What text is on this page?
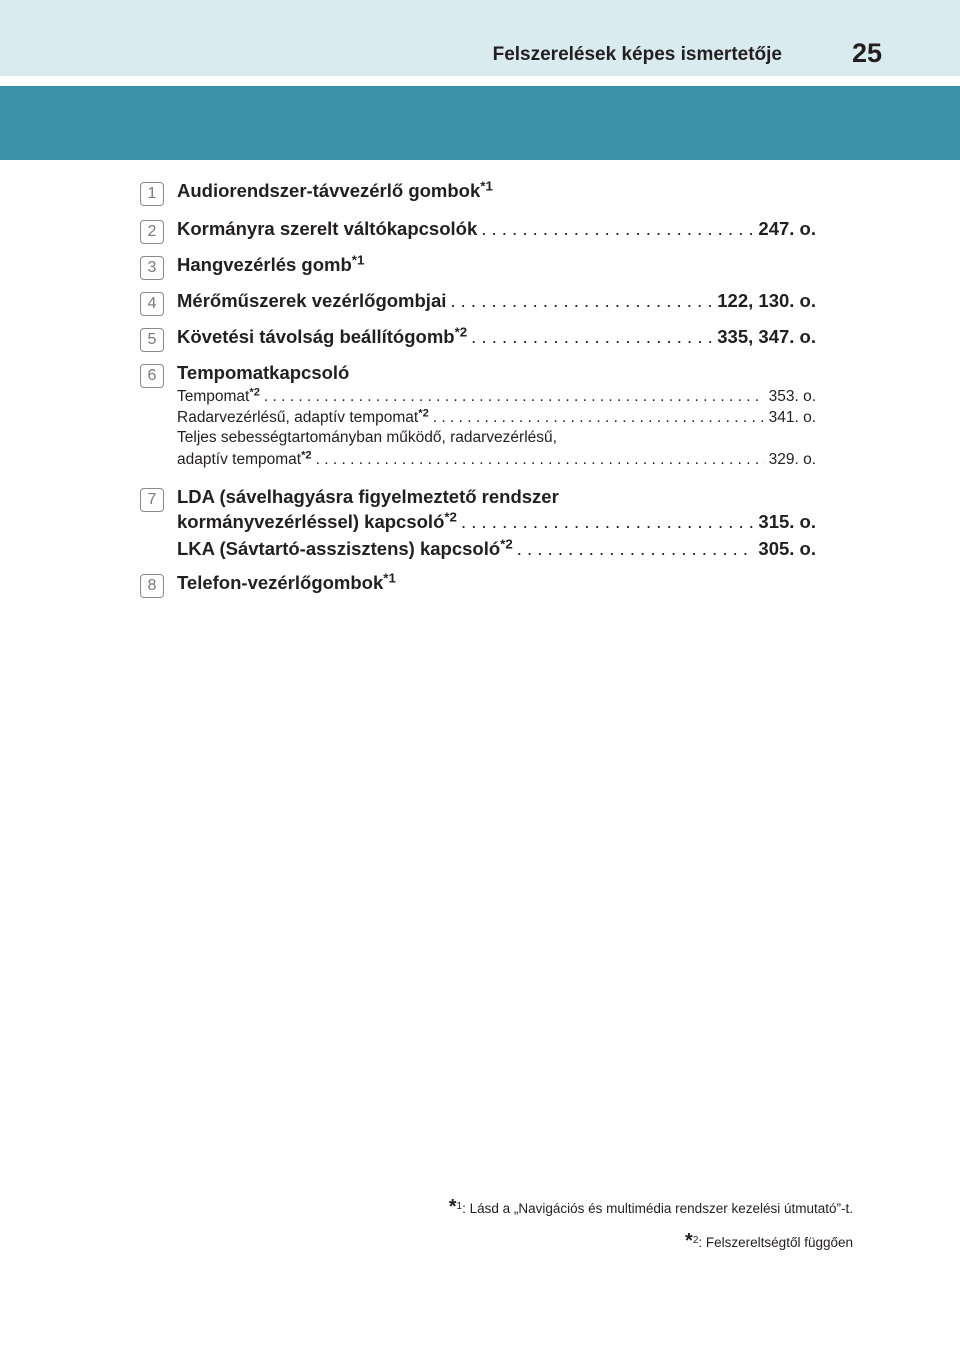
Felszerelések képes ismertetője	25
1	Audiorendszer-távvezérlő gombok$^{*1}$
2	Kormányra szerelt váltókapcsolók . . .	247. o.
3	Hangvezérlés gomb$^{*1}$
4	Mérőműszerek vezérlőgombjai . . .	122, 130. o.
5	Követési távolság beállítógomb$^{*2}$ . . .	335, 347. o.
6	Tempomatkapcsoló
Tempomat$^{*2}$ . . .	353. o.
Radarvezérlésű, adaptív tempomat$^{*2}$ . . .	341. o.
Teljes sebességtartományban működő, radarvezérlésű,
adaptív tempomat$^{*2}$ . . .	329. o.
7	LDA (sávelhagyásra figyelmeztető rendszer
kormányvezérléssel) kapcsoló$^{*2}$ . . .	315. o.
LKA (Sávtartó-asszisztens) kapcsoló$^{*2}$ . . .	305. o.
8	Telefon-vezérlőgombok$^{*1}$
*$^1$: Lásd a „Navigációs és multimédia rendszer kezelési útmutató”-t.
*$^2$: Felszereltségtől függően
